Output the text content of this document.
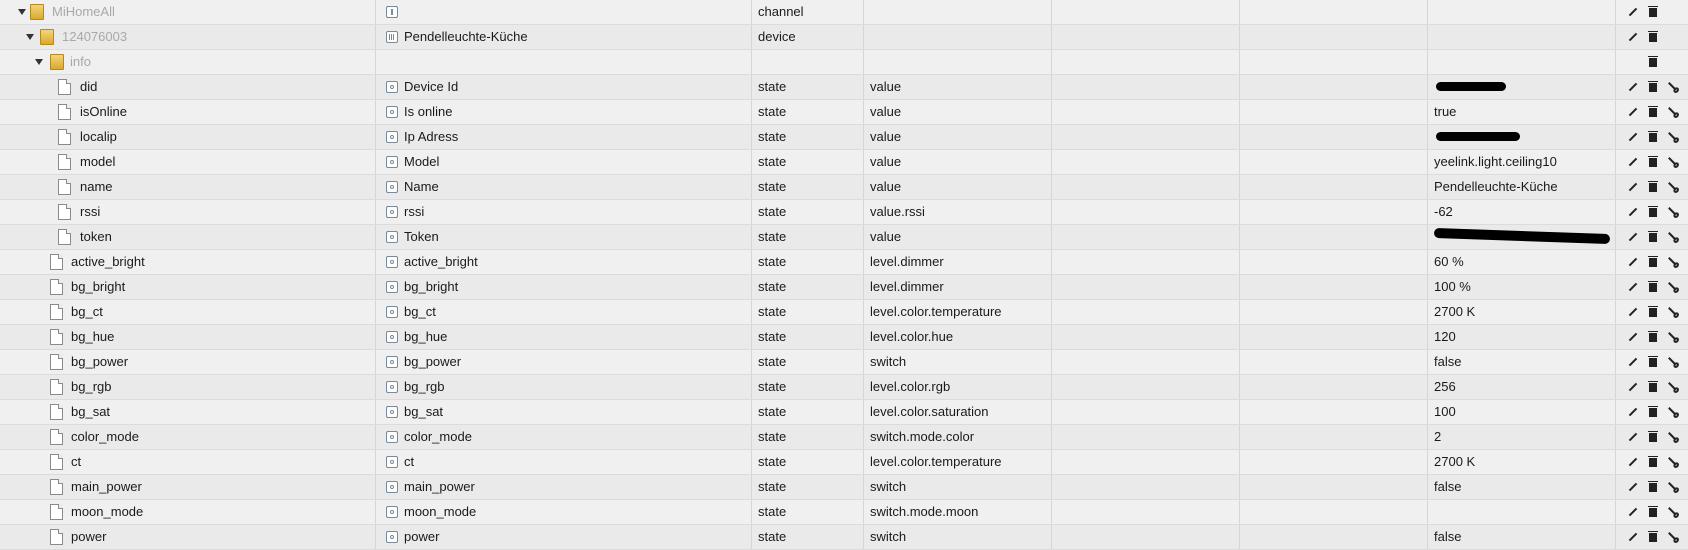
MiHomeAll	channel
124076003	Pendelleuchte-Küche	device
info
did	Device Id	state	value
isOnline	Is online	state	value	true
localip	Ip Adress	state	value
model	Model	state	value	yeelink.light.ceiling10
name	Name	state	value	Pendelleuchte-Küche
rssi	rssi	state	value.rssi	-62
token	Token	state	value
active_bright	active_bright	state	level.dimmer	60 %
bg_bright	bg_bright	state	level.dimmer	100 %
bg_ct	bg_ct	state	level.color.temperature	2700 K
bg_hue	bg_hue	state	level.color.hue	120
bg_power	bg_power	state	switch	false
bg_rgb	bg_rgb	state	level.color.rgb	256
bg_sat	bg_sat	state	level.color.saturation	100
color_mode	color_mode	state	switch.mode.color	2
ct	ct	state	level.color.temperature	2700 K
main_power	main_power	state	switch	false
moon_mode	moon_mode	state	switch.mode.moon
power	power	state	switch	false
